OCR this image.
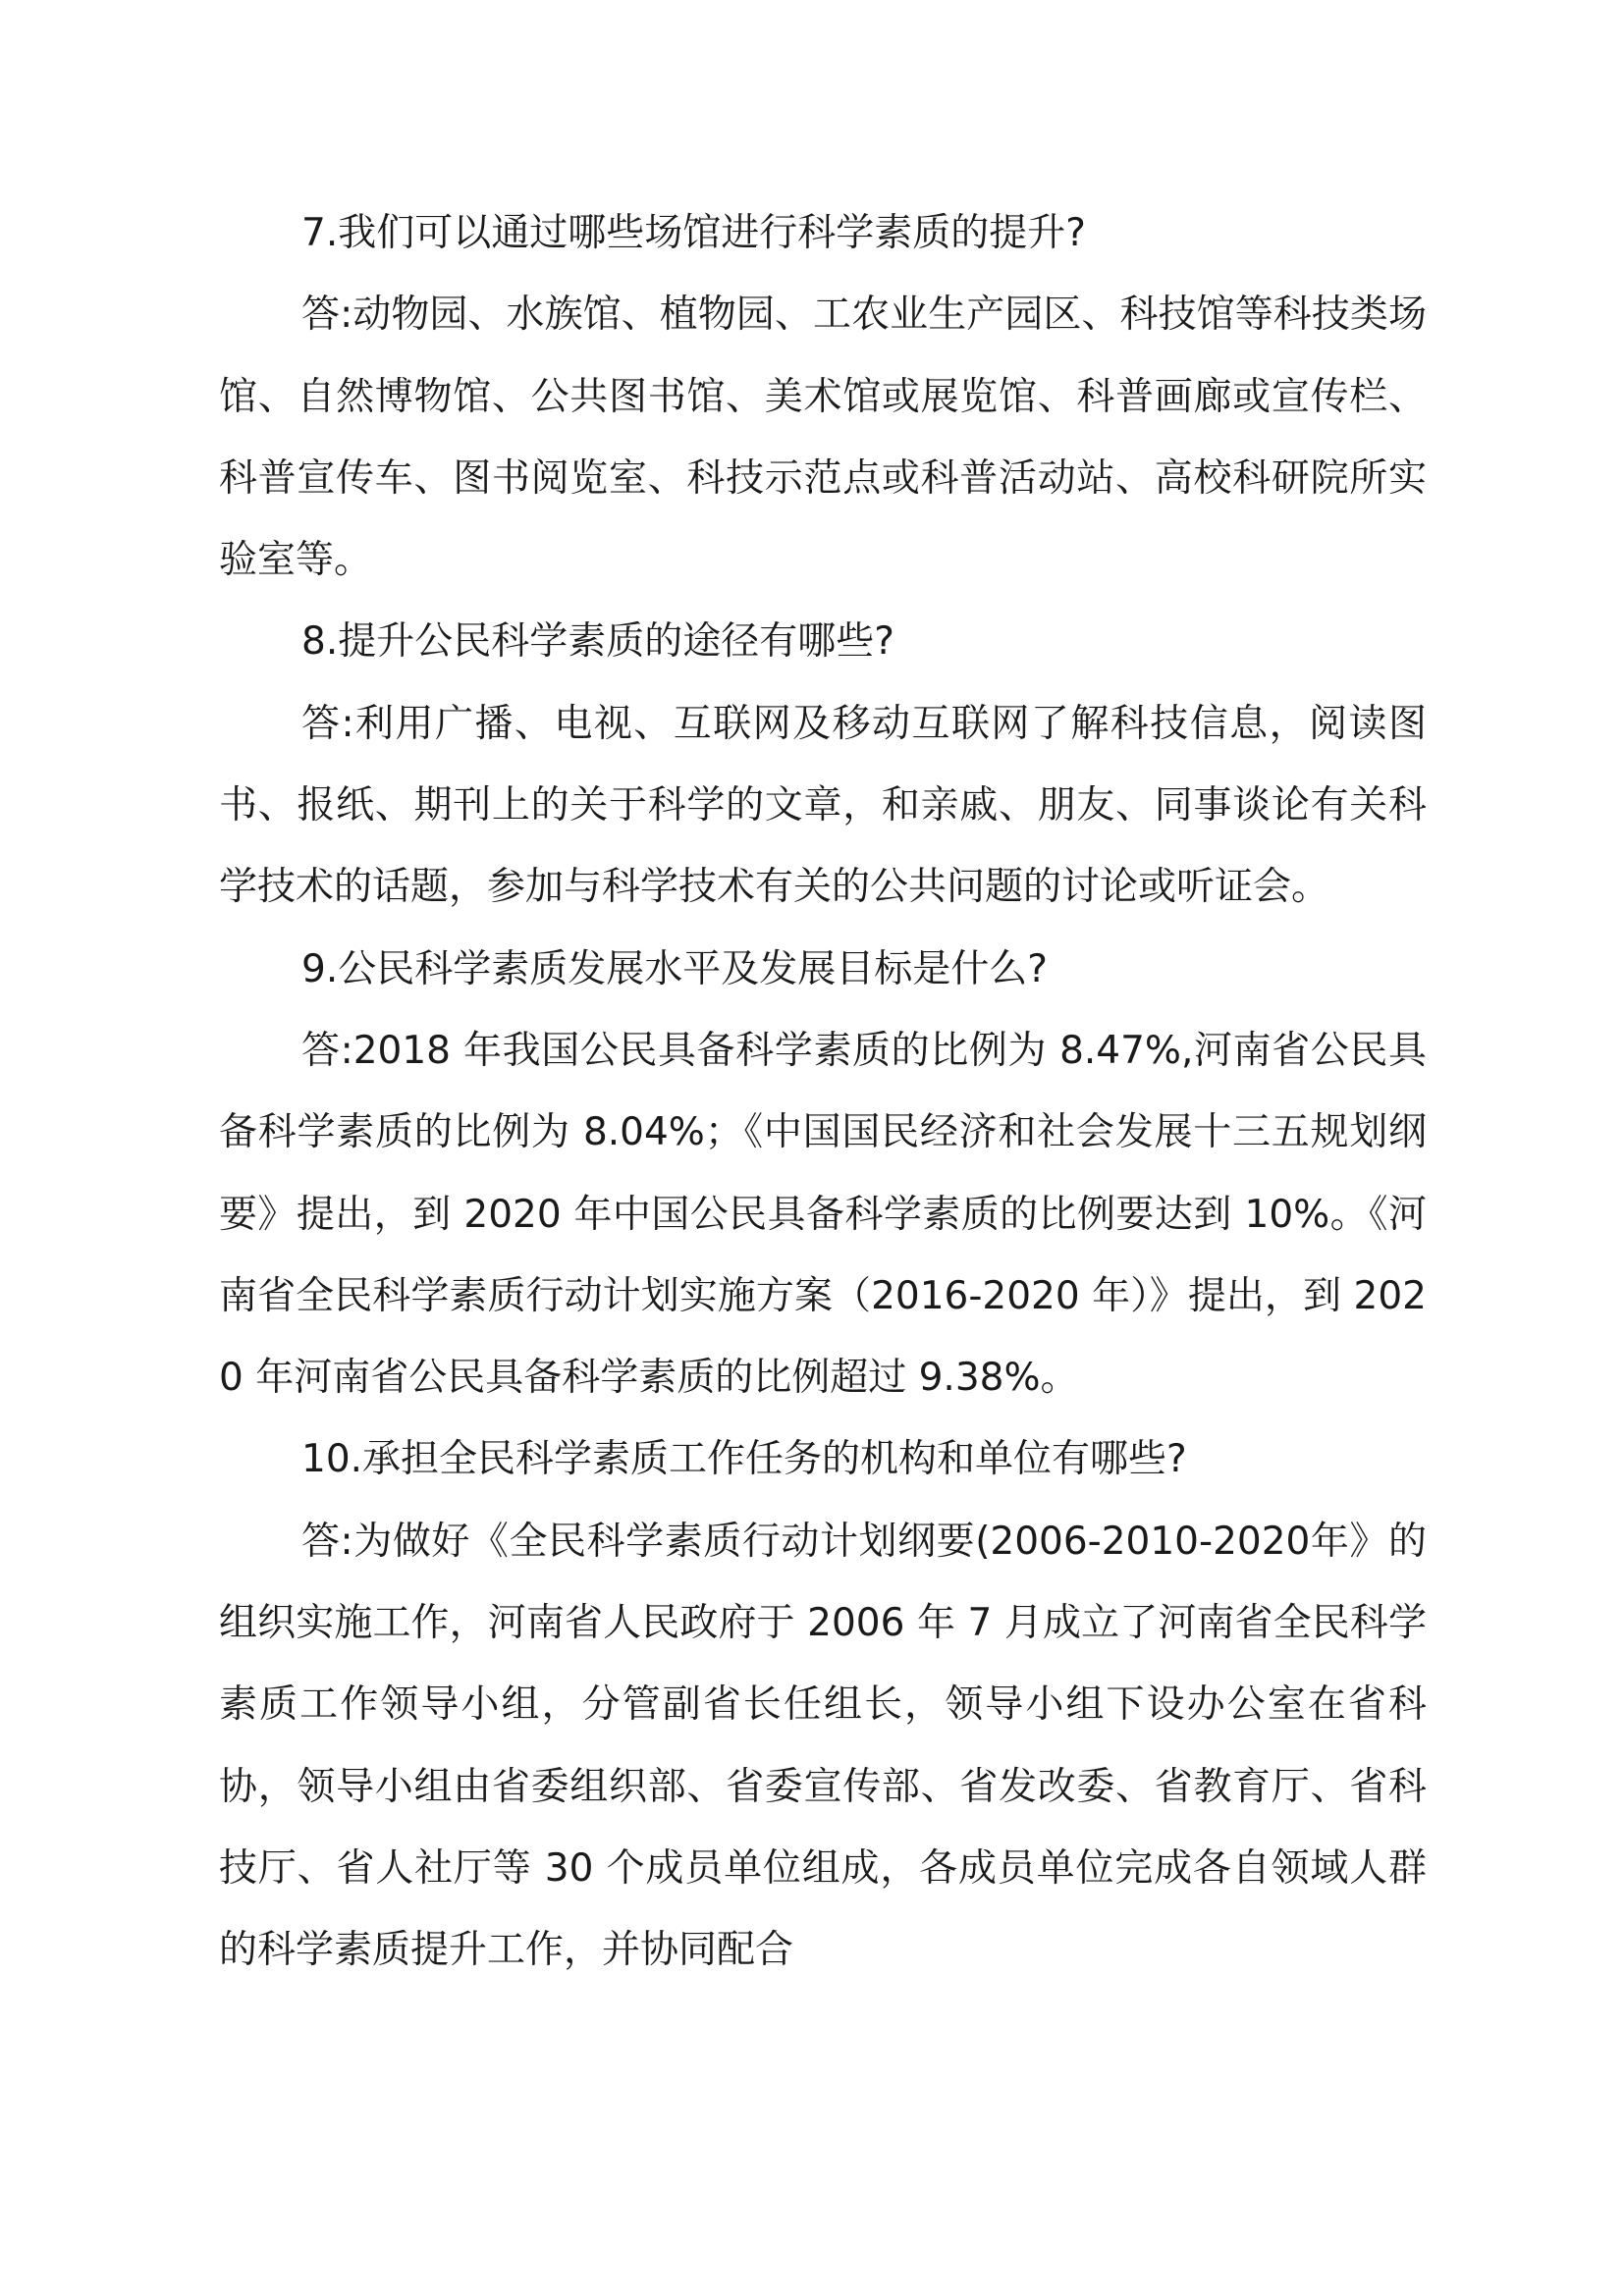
7.我们可以通过哪些场馆进行科学素质的提升?

答:动物园、水族馆、植物园、工农业生产园区、科技馆等科技类场馆、自然博物馆、公共图书馆、美术馆或展览馆、科普画廊或宣传栏、科普宣传车、图书阅览室、科技示范点或科普活动站、高校科研院所实验室等。

8.提升公民科学素质的途径有哪些?

答:利用广播、电视、互联网及移动互联网了解科技信息，阅读图书、报纸、期刊上的关于科学的文章，和亲戚、朋友、同事谈论有关科学技术的话题，参加与科学技术有关的公共问题的讨论或听证会。

9.公民科学素质发展水平及发展目标是什么?

答:2018 年我国公民具备科学素质的比例为 8.47%,河南省公民具备科学素质的比例为 8.04%；《中国国民经济和社会发展十三五规划纲要》提出，到 2020 年中国公民具备科学素质的比例要达到 10%。《河南省全民科学素质行动计划实施方案（2016-2020 年）》提出，到 2020 年河南省公民具备科学素质的比例超过 9.38%。

10.承担全民科学素质工作任务的机构和单位有哪些?

答:为做好《全民科学素质行动计划纲要(2006-2010-2020年》的组织实施工作，河南省人民政府于 2006 年 7 月成立了河南省全民科学素质工作领导小组，分管副省长任组长，领导小组下设办公室在省科协，领导小组由省委组织部、省委宣传部、省发改委、省教育厅、省科技厅、省人社厅等 30 个成员单位组成，各成员单位完成各自领域人群的科学素质提升工作，并协同配合
